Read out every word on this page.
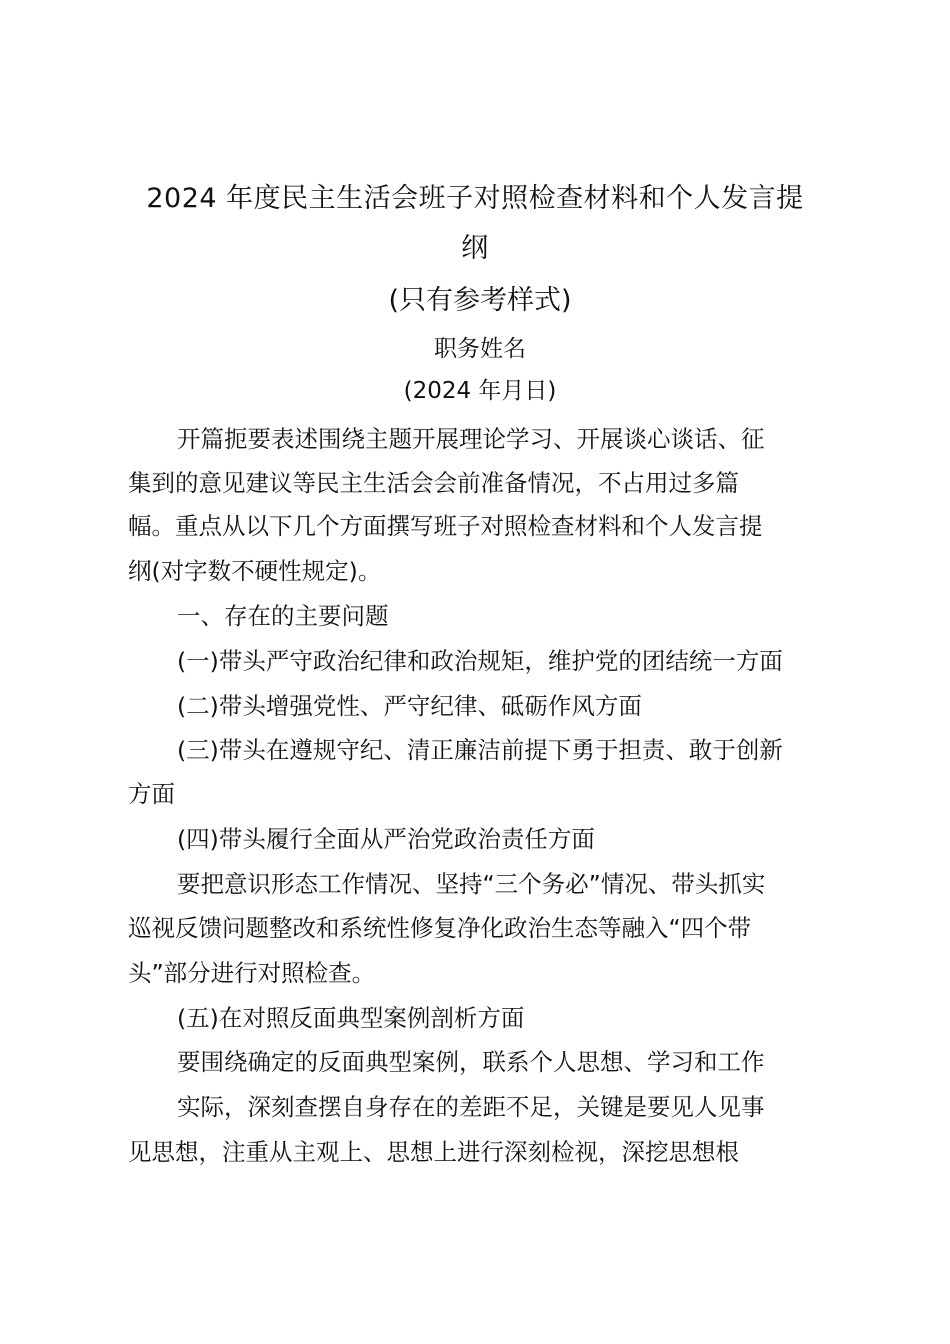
2024 年度民主生活会班子对照检查材料和个人发言提
纲

(只有参考样式)

职务姓名

(2024 年月日)

开篇扼要表述围绕主题开展理论学习、开展谈心谈话、征

集到的意见建议等民主生活会会前准备情况，不占用过多篇

幅。重点从以下几个方面撰写班子对照检查材料和个人发言提

纲(对字数不硬性规定)。

一、存在的主要问题

(一)带头严守政治纪律和政治规矩，维护党的团结统一方面

(二)带头增强党性、严守纪律、砥砺作风方面

(三)带头在遵规守纪、清正廉洁前提下勇于担责、敢于创新

方面

(四)带头履行全面从严治党政治责任方面

要把意识形态工作情况、坚持“三个务必”情况、带头抓实

巡视反馈问题整改和系统性修复净化政治生态等融入“四个带

头”部分进行对照检查。

(五)在对照反面典型案例剖析方面

要围绕确定的反面典型案例，联系个人思想、学习和工作

实际，深刻查摆自身存在的差距不足，关键是要见人见事

见思想，注重从主观上、思想上进行深刻检视，深挖思想根
